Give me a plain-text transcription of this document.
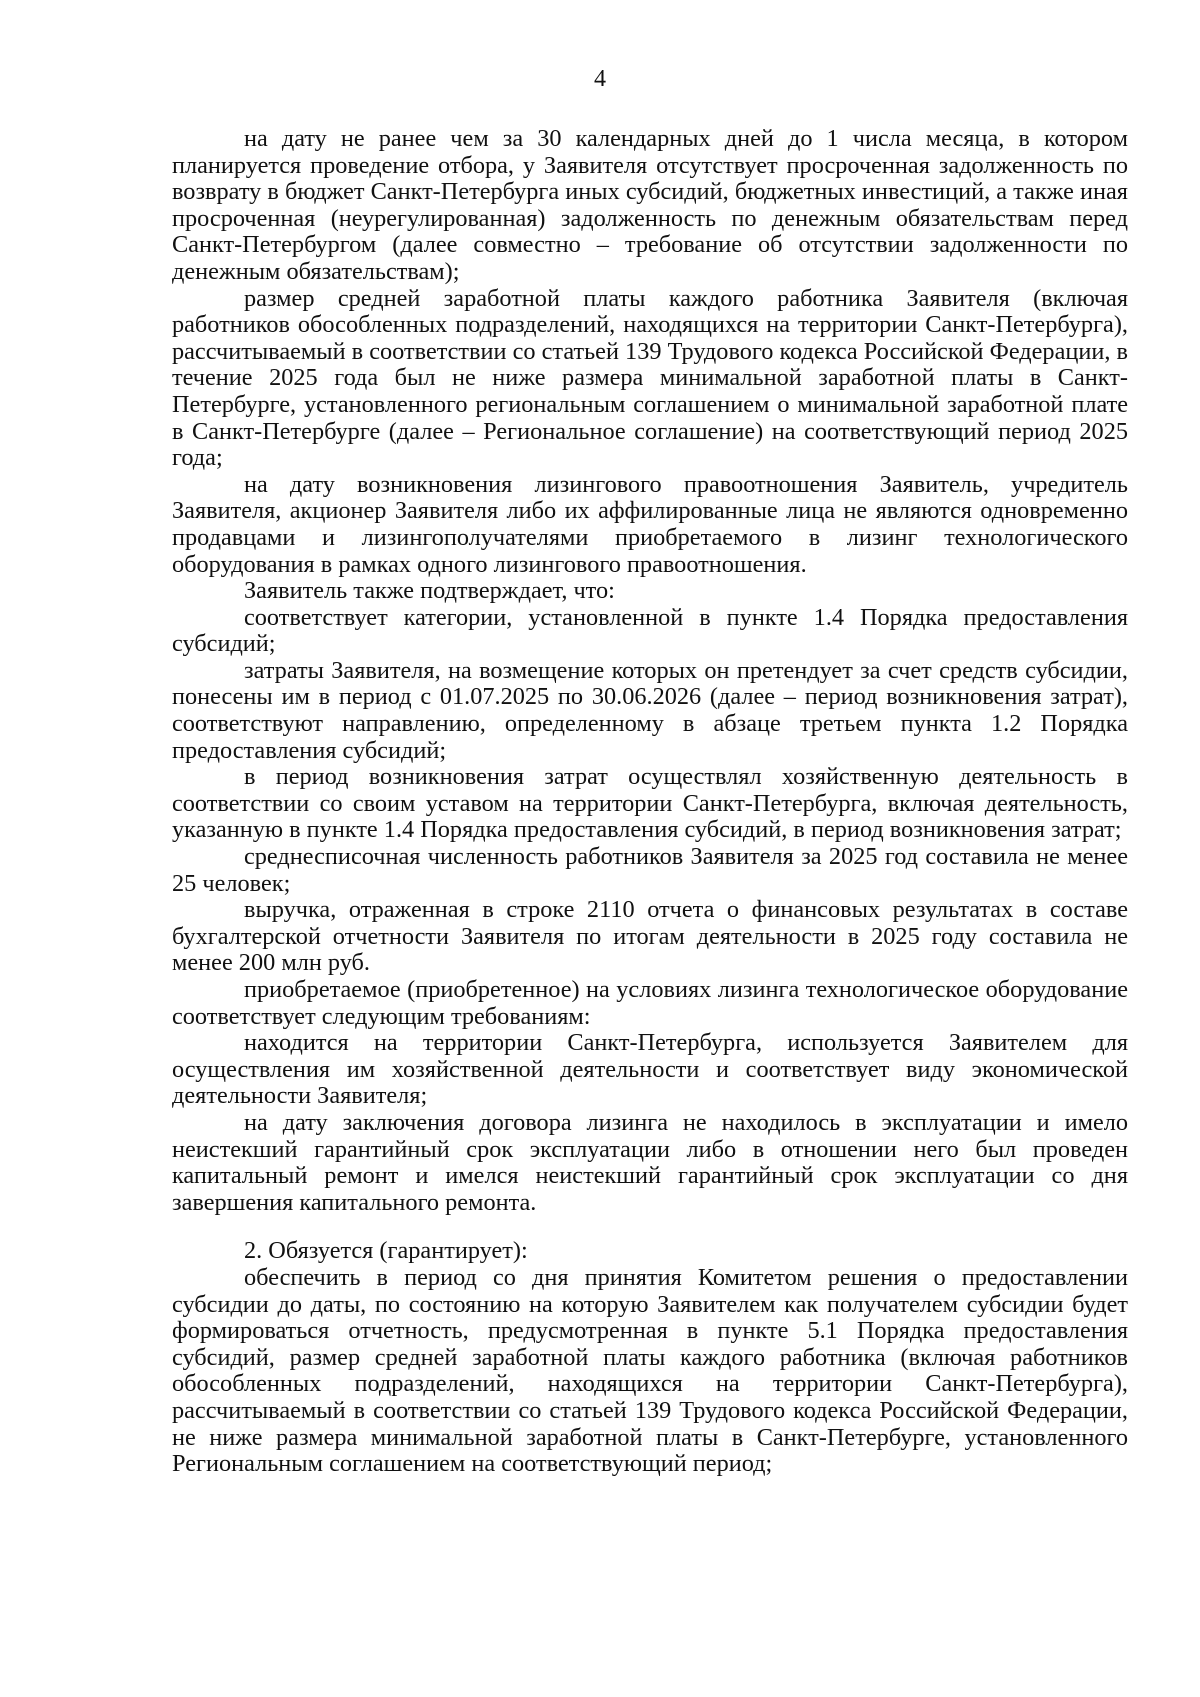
4

на дату не ранее чем за 30 календарных дней до 1 числа месяца, в котором планируется проведение отбора, у Заявителя отсутствует просроченная задолженность по возврату в бюджет Санкт-Петербурга иных субсидий, бюджетных инвестиций, а также иная просроченная (неурегулированная) задолженность по денежным обязательствам перед Санкт-Петербургом (далее совместно – требование об отсутствии задолженности по денежным обязательствам);

размер средней заработной платы каждого работника Заявителя (включая работников обособленных подразделений, находящихся на территории Санкт-Петербурга), рассчитываемый в соответствии со статьей 139 Трудового кодекса Российской Федерации, в течение 2025 года был не ниже размера минимальной заработной платы в Санкт-Петербурге, установленного региональным соглашением о минимальной заработной плате в Санкт-Петербурге (далее – Региональное соглашение) на соответствующий период 2025 года;

на дату возникновения лизингового правоотношения Заявитель, учредитель Заявителя, акционер Заявителя либо их аффилированные лица не являются одновременно продавцами и лизингополучателями приобретаемого в лизинг технологического оборудования в рамках одного лизингового правоотношения.

Заявитель также подтверждает, что:

соответствует категории, установленной в пункте 1.4 Порядка предоставления субсидий;

затраты Заявителя, на возмещение которых он претендует за счет средств субсидии, понесены им в период с 01.07.2025 по 30.06.2026 (далее – период возникновения затрат), соответствуют направлению, определенному в абзаце третьем пункта 1.2 Порядка предоставления субсидий;

в период возникновения затрат осуществлял хозяйственную деятельность в соответствии со своим уставом на территории Санкт-Петербурга, включая деятельность, указанную в пункте 1.4 Порядка предоставления субсидий, в период возникновения затрат;

среднесписочная численность работников Заявителя за 2025 год составила не менее 25 человек;

выручка, отраженная в строке 2110 отчета о финансовых результатах в составе бухгалтерской отчетности Заявителя по итогам деятельности в 2025 году составила не менее 200 млн руб.

приобретаемое (приобретенное) на условиях лизинга технологическое оборудование соответствует следующим требованиям:

находится на территории Санкт-Петербурга, используется Заявителем для осуществления им хозяйственной деятельности и соответствует виду экономической деятельности Заявителя;

на дату заключения договора лизинга не находилось в эксплуатации и имело неистекший гарантийный срок эксплуатации либо в отношении него был проведен капитальный ремонт и имелся неистекший гарантийный срок эксплуатации со дня завершения капитального ремонта.

2. Обязуется (гарантирует):

обеспечить в период со дня принятия Комитетом решения о предоставлении субсидии до даты, по состоянию на которую Заявителем как получателем субсидии будет формироваться отчетность, предусмотренная в пункте 5.1 Порядка предоставления субсидий, размер средней заработной платы каждого работника (включая работников обособленных подразделений, находящихся на территории Санкт-Петербурга), рассчитываемый в соответствии со статьей 139 Трудового кодекса Российской Федерации, не ниже размера минимальной заработной платы в Санкт-Петербурге, установленного Региональным соглашением на соответствующий период;
